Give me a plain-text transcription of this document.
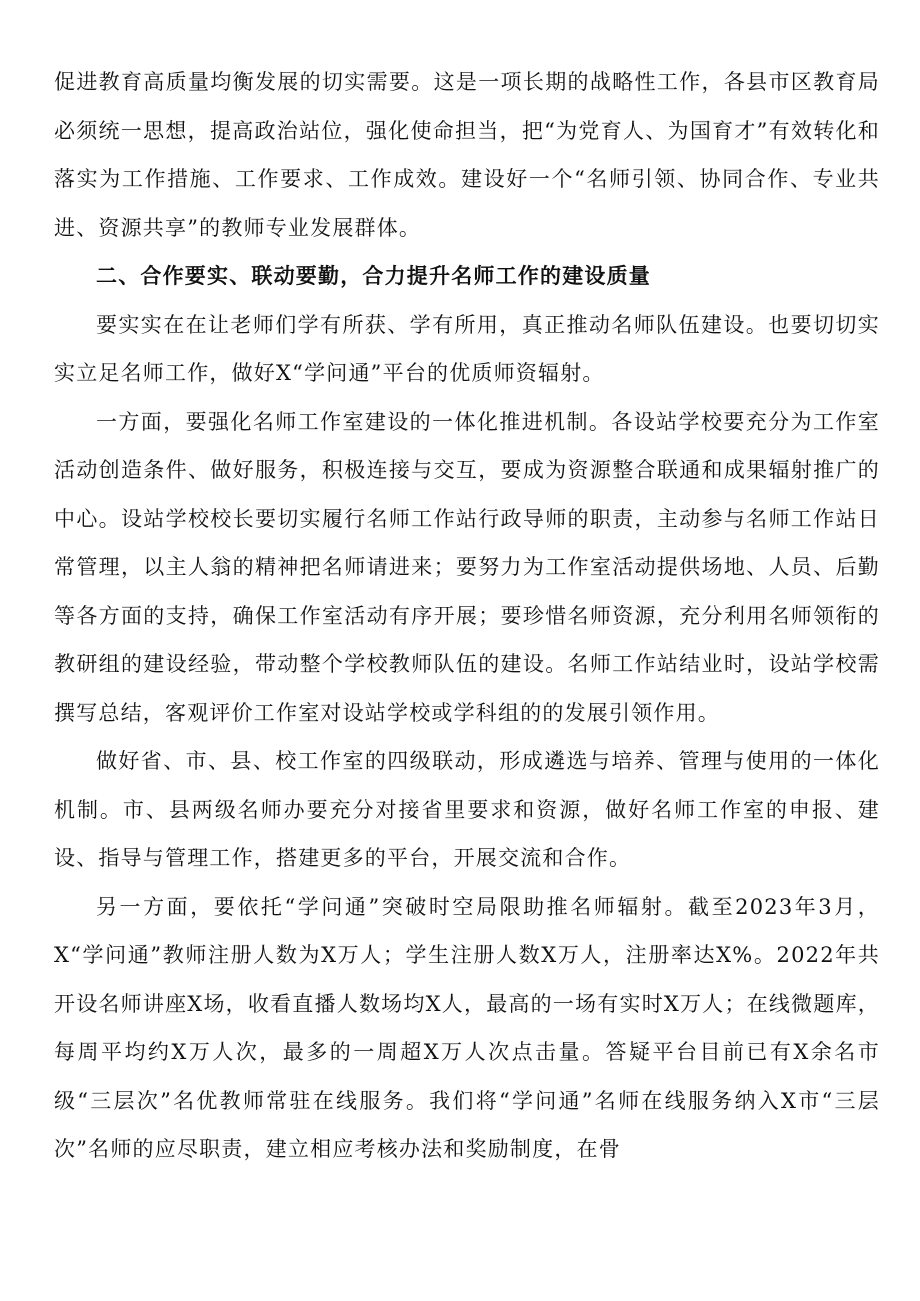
促进教育高质量均衡发展的切实需要。这是一项长期的战略性工作，各县市区教育局必须统一思想，提高政治站位，强化使命担当，把“为党育人、为国育才”有效转化和落实为工作措施、工作要求、工作成效。建设好一个“名师引领、协同合作、专业共进、资源共享”的教师专业发展群体。

二、合作要实、联动要勤，合力提升名师工作的建设质量

要实实在在让老师们学有所获、学有所用，真正推动名师队伍建设。也要切切实实立足名师工作，做好X“学问通”平台的优质师资辐射。

一方面，要强化名师工作室建设的一体化推进机制。各设站学校要充分为工作室活动创造条件、做好服务，积极连接与交互，要成为资源整合联通和成果辐射推广的中心。设站学校校长要切实履行名师工作站行政导师的职责，主动参与名师工作站日常管理，以主人翁的精神把名师请进来；要努力为工作室活动提供场地、人员、后勤等各方面的支持，确保工作室活动有序开展；要珍惜名师资源，充分利用名师领衔的教研组的建设经验，带动整个学校教师队伍的建设。名师工作站结业时，设站学校需撰写总结，客观评价工作室对设站学校或学科组的的发展引领作用。

做好省、市、县、校工作室的四级联动，形成遴选与培养、管理与使用的一体化机制。市、县两级名师办要充分对接省里要求和资源，做好名师工作室的申报、建设、指导与管理工作，搭建更多的平台，开展交流和合作。

另一方面，要依托“学问通”突破时空局限助推名师辐射。截至2023年3月，X“学问通”教师注册人数为X万人；学生注册人数X万人，注册率达X%。2022年共开设名师讲座X场，收看直播人数场均X人，最高的一场有实时X万人；在线微题库，每周平均约X万人次，最多的一周超X万人次点击量。答疑平台目前已有X余名市级“三层次”名优教师常驻在线服务。我们将“学问通”名师在线服务纳入X市“三层次”名师的应尽职责，建立相应考核办法和奖励制度，在骨
